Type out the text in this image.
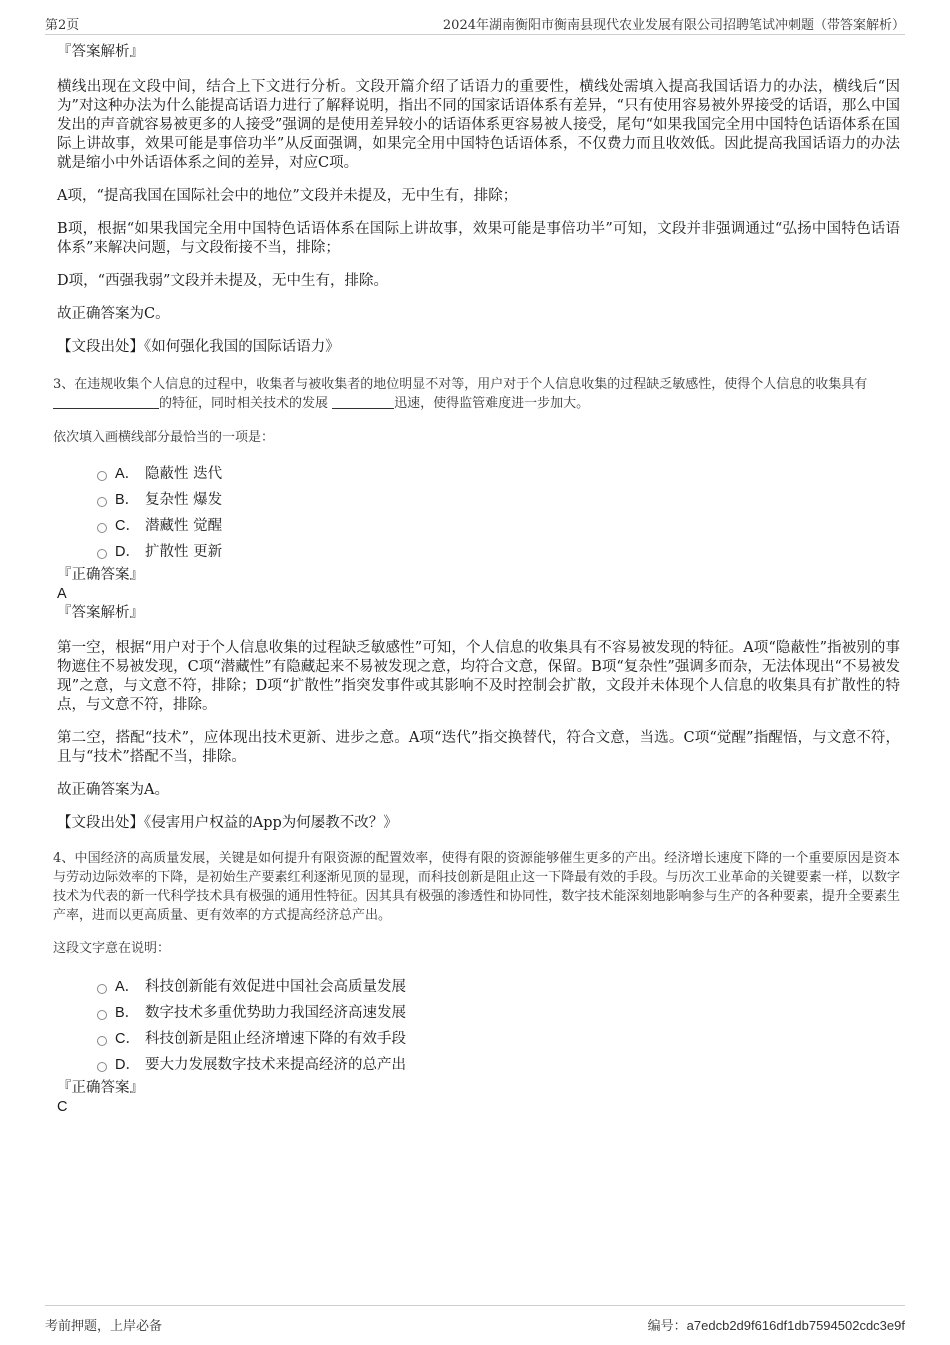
第2页	2024年湖南衡阳市衡南县现代农业发展有限公司招聘笔试冲刺题（带答案解析）

『答案解析』

横线出现在文段中间，结合上下文进行分析。文段开篇介绍了话语力的重要性，横线处需填入提高我国话语力的办法，横线后“因为”对这种办法为什么能提高话语力进行了解释说明，指出不同的国家话语体系有差异，“只有使用容易被外界接受的话语，那么中国发出的声音就容易被更多的人接受”强调的是使用差异较小的话语体系更容易被人接受，尾句“如果我国完全用中国特色话语体系在国际上讲故事，效果可能是事倍功半”从反面强调，如果完全用中国特色话语体系，不仅费力而且收效低。因此提高我国话语力的办法就是缩小中外话语体系之间的差异，对应C项。

A项，“提高我国在国际社会中的地位”文段并未提及，无中生有，排除；

B项，根据“如果我国完全用中国特色话语体系在国际上讲故事，效果可能是事倍功半”可知，文段并非强调通过“弘扬中国特色话语体系”来解决问题，与文段衔接不当，排除；

D项，“西强我弱”文段并未提及，无中生有，排除。

故正确答案为C。

【文段出处】《如何强化我国的国际话语力》

3、在违规收集个人信息的过程中，收集者与被收集者的地位明显不对等，用户对于个人信息收集的过程缺乏敏感性，使得个人信息的收集具有
的特征，同时相关技术的发展	迅速，使得监管难度进一步加大。

依次填入画横线部分最恰当的一项是：

A． 隐蔽性 迭代
B． 复杂性 爆发
C． 潜藏性 觉醒
D． 扩散性 更新

『正确答案』

A

『答案解析』

第一空，根据“用户对于个人信息收集的过程缺乏敏感性”可知，个人信息的收集具有不容易被发现的特征。A项“隐蔽性”指被别的事物遮住不易被发现，C项“潜藏性”有隐藏起来不易被发现之意，均符合文意，保留。B项“复杂性”强调多而杂，无法体现出“不易被发现”之意，与文意不符，排除；D项“扩散性”指突发事件或其影响不及时控制会扩散，文段并未体现个人信息的收集具有扩散性的特点，与文意不符，排除。

第二空，搭配“技术”，应体现出技术更新、进步之意。A项“迭代”指交换替代，符合文意，当选。C项“觉醒”指醒悟，与文意不符，且与“技术”搭配不当，排除。

故正确答案为A。

【文段出处】《侵害用户权益的App为何屡教不改？》

4、中国经济的高质量发展，关键是如何提升有限资源的配置效率，使得有限的资源能够催生更多的产出。经济增长速度下降的一个重要原因是资本与劳动边际效率的下降，是初始生产要素红利逐渐见顶的显现，而科技创新是阻止这一下降最有效的手段。与历次工业革命的关键要素一样，以数字技术为代表的新一代科学技术具有极强的通用性特征。因其具有极强的渗透性和协同性，数字技术能深刻地影响参与生产的各种要素，提升全要素生产率，进而以更高质量、更有效率的方式提高经济总产出。

这段文字意在说明：

A． 科技创新能有效促进中国社会高质量发展
B． 数字技术多重优势助力我国经济高速发展
C． 科技创新是阻止经济增速下降的有效手段
D． 要大力发展数字技术来提高经济的总产出

『正确答案』

C

考前押题，上岸必备	编号：a7edcb2d9f616df1db7594502cdc3e9f
